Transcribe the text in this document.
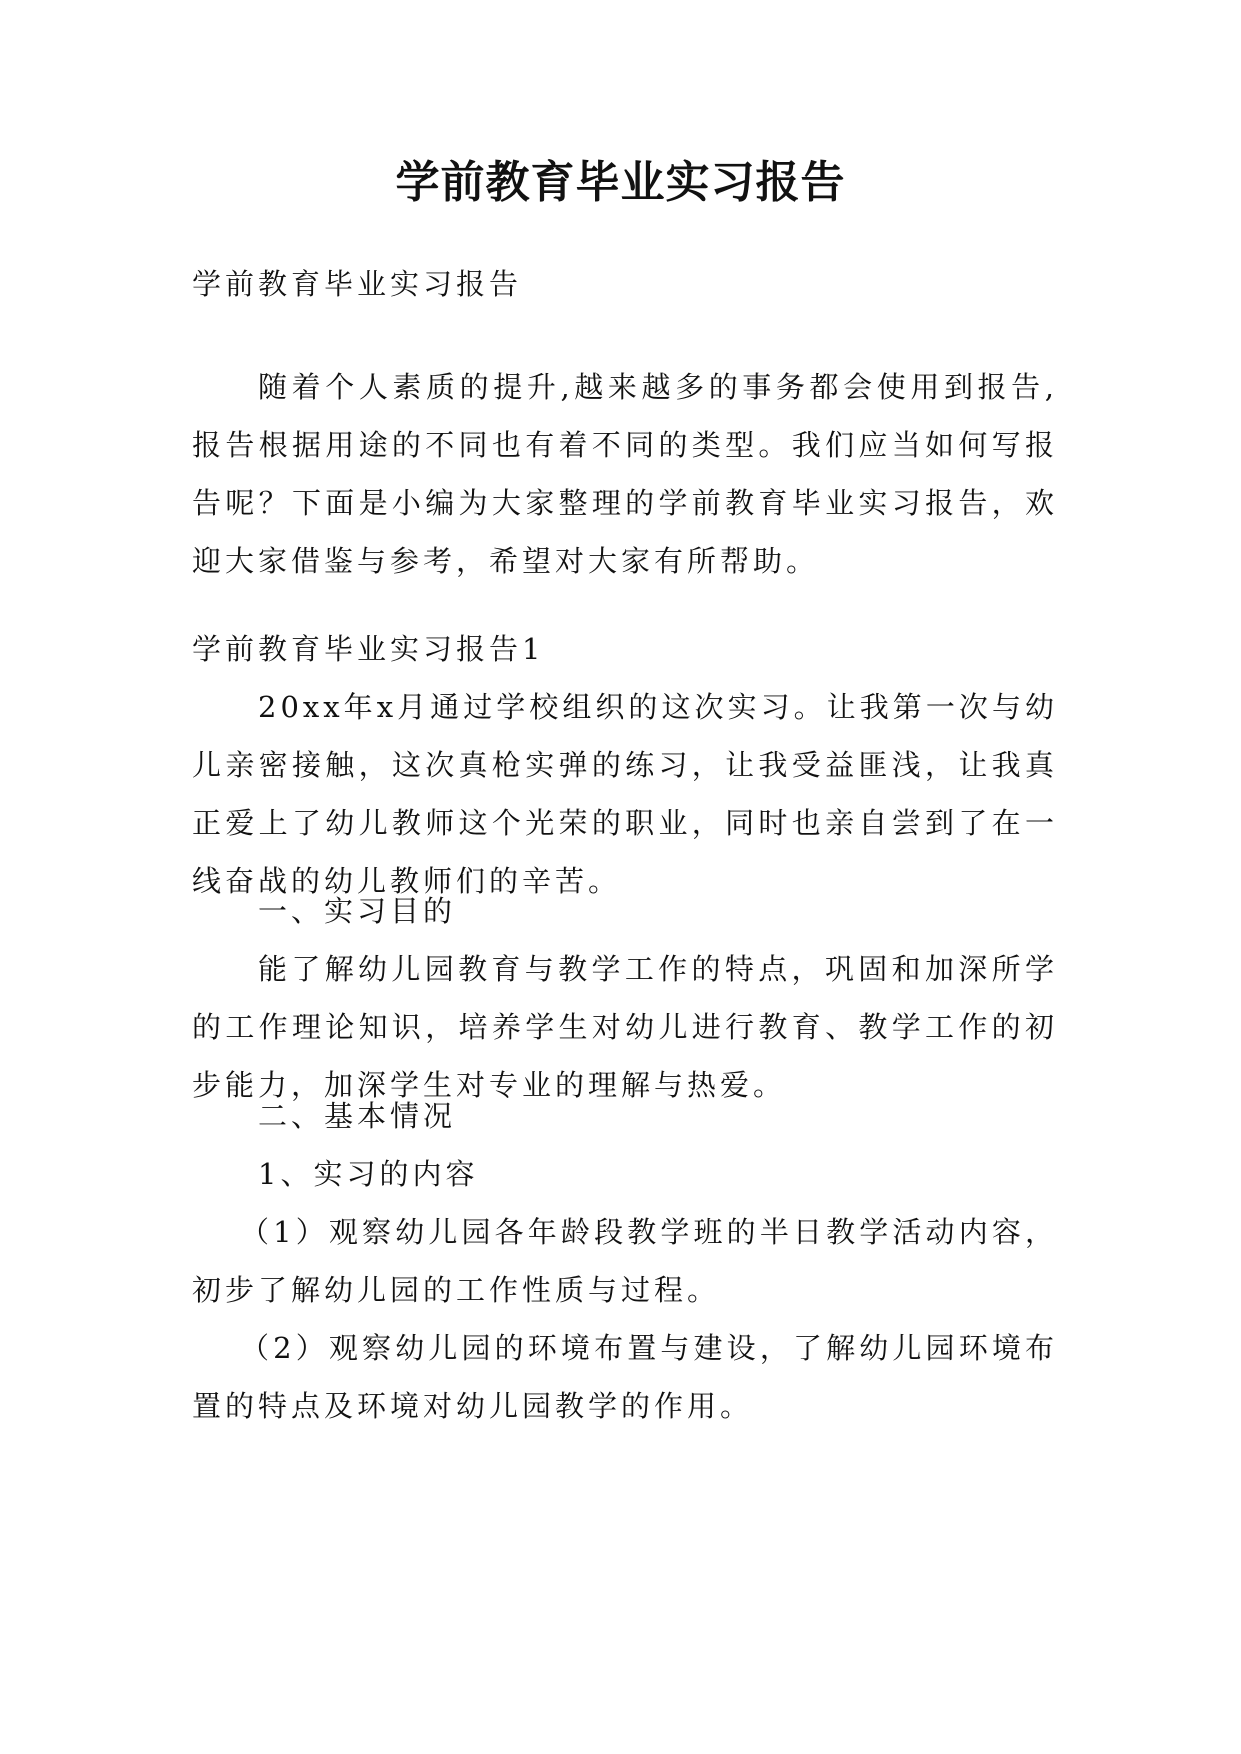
学前教育毕业实习报告

学前教育毕业实习报告

随着个人素质的提升,越来越多的事务都会使用到报告,报告根据用途的不同也有着不同的类型。我们应当如何写报告呢？下面是小编为大家整理的学前教育毕业实习报告，欢迎大家借鉴与参考，希望对大家有所帮助。

学前教育毕业实习报告1

20xx年x月通过学校组织的这次实习。让我第一次与幼儿亲密接触，这次真枪实弹的练习，让我受益匪浅，让我真正爱上了幼儿教师这个光荣的职业，同时也亲自尝到了在一线奋战的幼儿教师们的辛苦。

一、实习目的

能了解幼儿园教育与教学工作的特点，巩固和加深所学的工作理论知识，培养学生对幼儿进行教育、教学工作的初步能力，加深学生对专业的理解与热爱。

二、基本情况

1、实习的内容

（1）观察幼儿园各年龄段教学班的半日教学活动内容，初步了解幼儿园的工作性质与过程。

（2）观察幼儿园的环境布置与建设，了解幼儿园环境布置的特点及环境对幼儿园教学的作用。
